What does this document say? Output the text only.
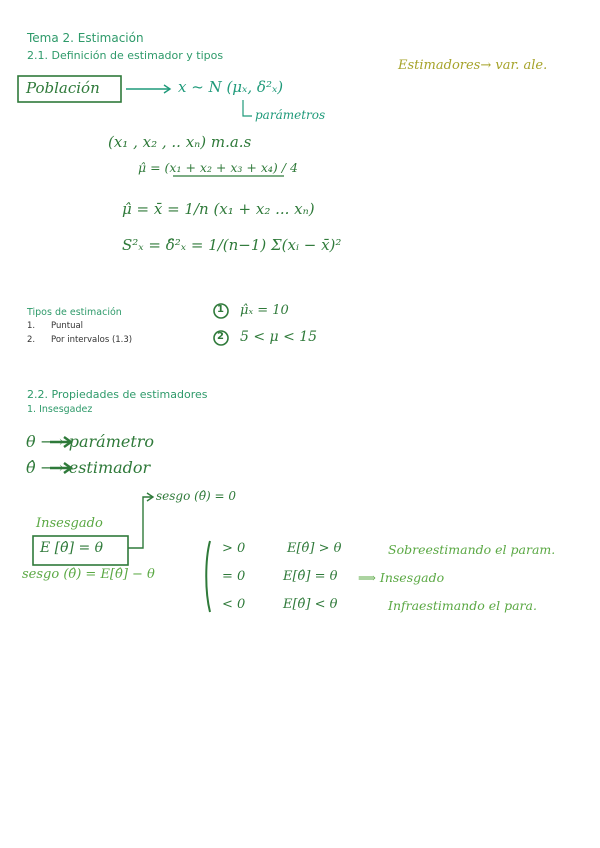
Tema 2. Estimación
2.1. Definición de estimador y tipos
Tipos de estimación
1. Puntual
2. Por intervalos (1.3)
2.2. Propiedades de estimadores
1. Insesgadez
Estimadores→ var. ale.
Población	x ~ N (μₓ, δ²ₓ)
parámetros
(x₁ , x₂ , .. xₙ) m.a.s
μ̂ = (x₁ + x₂ + x₃ + x₄) / 4
μ̂ = x̄ = 1/n (x₁ + x₂ ... xₙ)
S²ₓ = δ̂²ₓ = 1/(n−1) Σ(xᵢ − x̄)²
μ̂ₓ = 10
5 < μ < 15
θ ⟶ parámetro
θ̂ ⟶ estimador
sesgo (θ̂) = 0
Insesgado
E [θ̂] = θ
sesgo (θ̂) = E[θ̂] − θ
> 0	E[θ̂] > θ	Sobreestimando el param.
= 0	E[θ̂] = θ ⟹ Insesgado
< 0	E[θ̂] < θ	Infraestimando el para.
1
2
